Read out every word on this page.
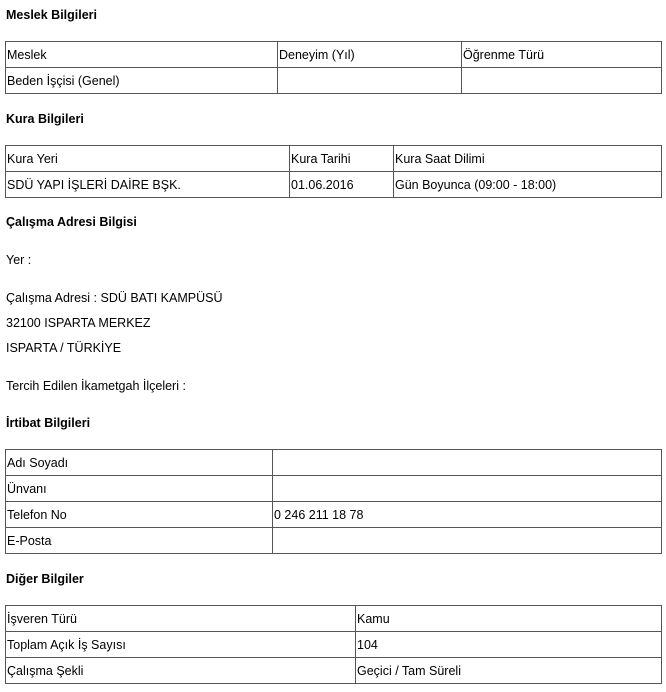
Meslek Bilgileri
Meslek	Deneyim (Yıl)	Öğrenme Türü
Beden İşçisi (Genel)		
Kura Bilgileri
Kura Yeri	Kura Tarihi	Kura Saat Dilimi
SDÜ YAPI İŞLERİ DAİRE BŞK.	01.06.2016	Gün Boyunca (09:00 - 18:00)
Çalışma Adresi Bilgisi
Yer :
Çalışma Adresi : SDÜ BATI KAMPÜSÜ
32100 ISPARTA MERKEZ
ISPARTA / TÜRKİYE
Tercih Edilen İkametgah İlçeleri :
İrtibat Bilgileri
Adı Soyadı	
Ünvanı	
Telefon No	0 246 211 18 78
E-Posta	
Diğer Bilgiler
İşveren Türü	Kamu
Toplam Açık İş Sayısı	104
Çalışma Şekli	Geçici / Tam Süreli
